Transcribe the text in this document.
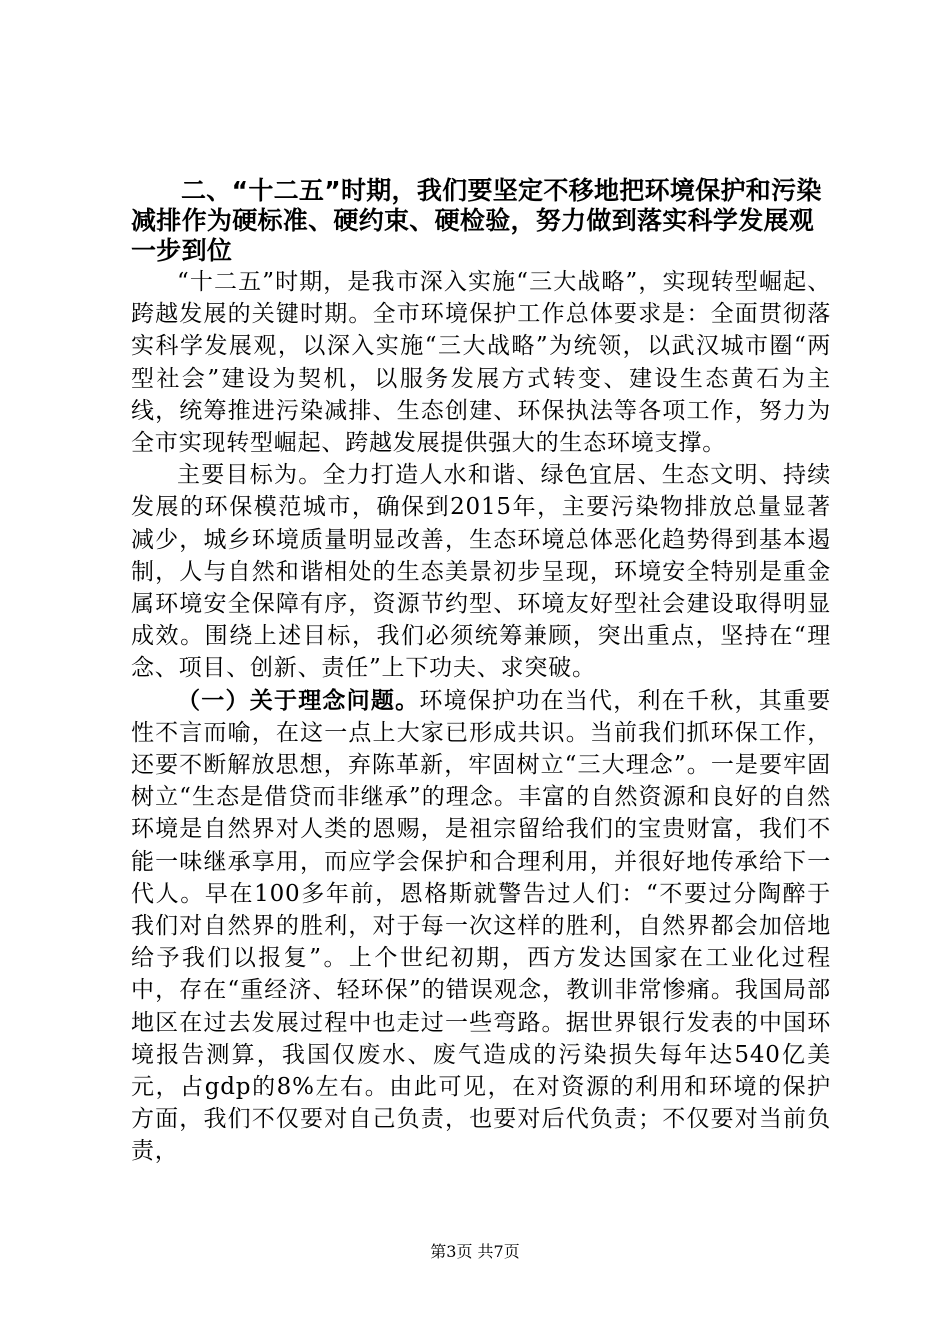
二、“十二五”时期，我们要坚定不移地把环境保护和污染减排作为硬标准、硬约束、硬检验，努力做到落实科学发展观一步到位

“十二五”时期，是我市深入实施“三大战略”，实现转型崛起、跨越发展的关键时期。全市环境保护工作总体要求是：全面贯彻落实科学发展观，以深入实施“三大战略”为统领，以武汉城市圈“两型社会”建设为契机，以服务发展方式转变、建设生态黄石为主线，统筹推进污染减排、生态创建、环保执法等各项工作，努力为全市实现转型崛起、跨越发展提供强大的生态环境支撑。

主要目标为。全力打造人水和谐、绿色宜居、生态文明、持续发展的环保模范城市，确保到2015年，主要污染物排放总量显著减少，城乡环境质量明显改善，生态环境总体恶化趋势得到基本遏制，人与自然和谐相处的生态美景初步呈现，环境安全特别是重金属环境安全保障有序，资源节约型、环境友好型社会建设取得明显成效。围绕上述目标，我们必须统筹兼顾，突出重点，坚持在“理念、项目、创新、责任”上下功夫、求突破。

（一）关于理念问题。环境保护功在当代，利在千秋，其重要性不言而喻，在这一点上大家已形成共识。当前我们抓环保工作，还要不断解放思想，弃陈革新，牢固树立“三大理念”。一是要牢固树立“生态是借贷而非继承”的理念。丰富的自然资源和良好的自然环境是自然界对人类的恩赐，是祖宗留给我们的宝贵财富，我们不能一味继承享用，而应学会保护和合理利用，并很好地传承给下一代人。早在100多年前，恩格斯就警告过人们：“不要过分陶醉于我们对自然界的胜利，对于每一次这样的胜利，自然界都会加倍地给予我们以报复”。上个世纪初期，西方发达国家在工业化过程中，存在“重经济、轻环保”的错误观念，教训非常惨痛。我国局部地区在过去发展过程中也走过一些弯路。据世界银行发表的中国环境报告测算，我国仅废水、废气造成的污染损失每年达540亿美元，占gdp的8%左右。由此可见，在对资源的利用和环境的保护方面，我们不仅要对自己负责，也要对后代负责；不仅要对当前负责，

第3页 共7页
